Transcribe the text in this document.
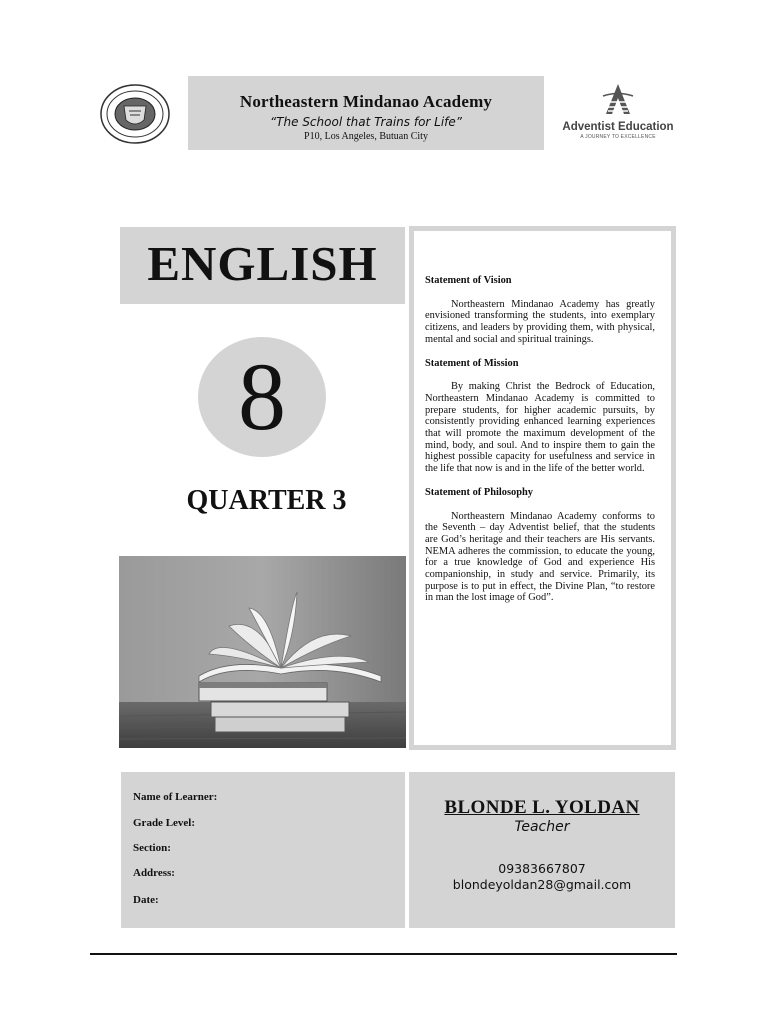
Northeastern Mindanao Academy
“The School that Trains for Life”
P10, Los Angeles, Butuan City
Adventist Education
A JOURNEY TO EXCELLENCE
ENGLISH
8
QUARTER 3

Statement of Vision

Northeastern Mindanao Academy has greatly envisioned transforming the students, into exemplary citizens, and leaders by providing them, with physical, mental and social and spiritual trainings.

Statement of Mission

By making Christ the Bedrock of Education, Northeastern Mindanao Academy is committed to prepare students, for higher academic pursuits, by consistently providing enhanced learning experiences that will promote the maximum development of the mind, body, and soul. And to inspire them to gain the highest possible capacity for usefulness and service in the life that now is and in the life of the better world.

Statement of Philosophy

Northeastern Mindanao Academy conforms to the Seventh – day Adventist belief, that the students are God’s heritage and their teachers are His servants. NEMA adheres the commission, to educate the young, for a true knowledge of God and experience His companionship, in study and service. Primarily, its purpose is to put in effect, the Divine Plan, “to restore in man the lost image of God”.

Name of Learner:
Grade Level:
Section:
Address:
Date:
BLONDE L. YOLDAN
Teacher
09383667807
blondeyoldan28@gmail.com
